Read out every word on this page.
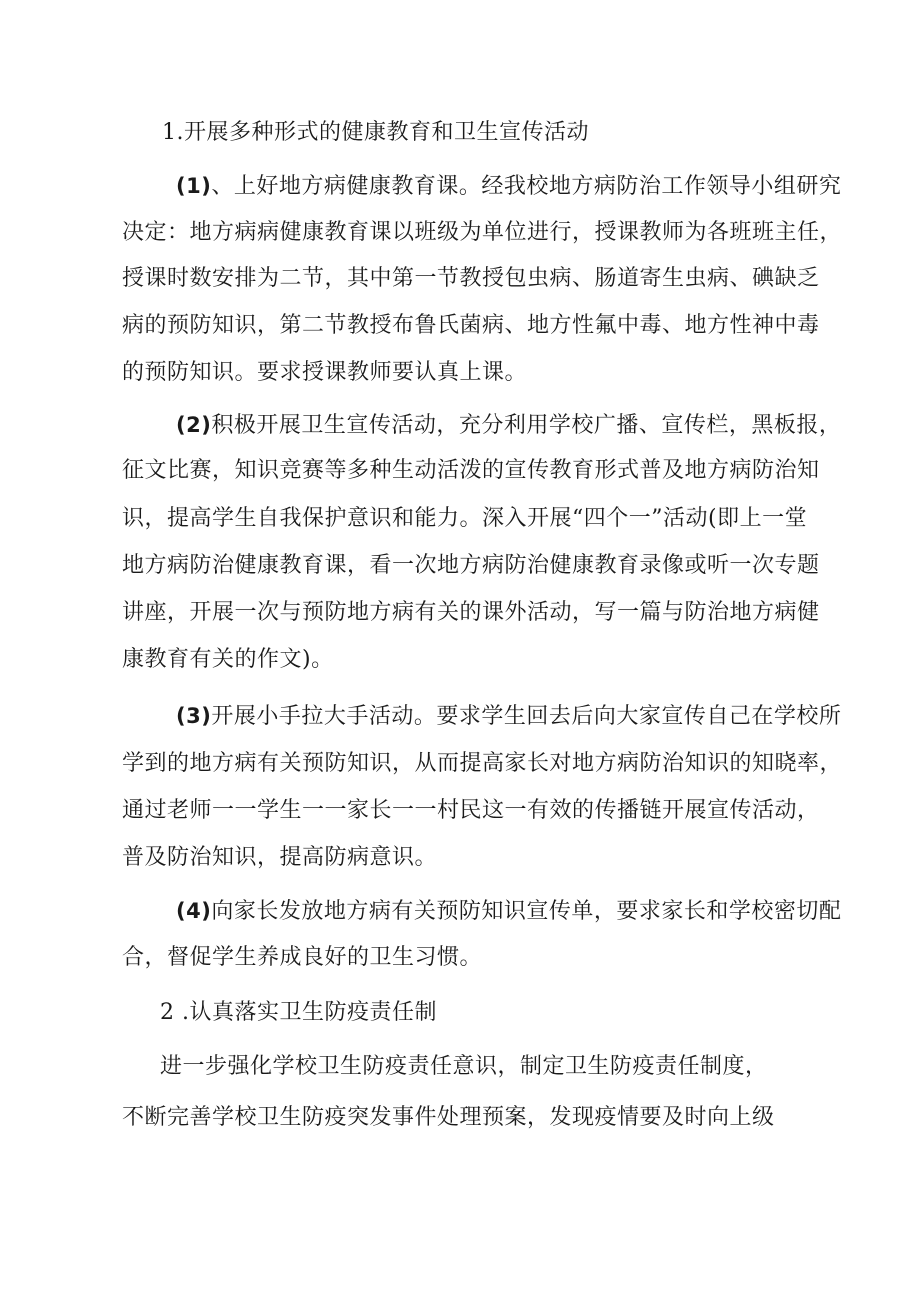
1.开展多种形式的健康教育和卫生宣传活动
(1)、上好地方病健康教育课。经我校地方病防治工作领导小组研究
决定：地方病病健康教育课以班级为单位进行，授课教师为各班班主任，
授课时数安排为二节，其中第一节教授包虫病、肠道寄生虫病、碘缺乏
病的预防知识，第二节教授布鲁氏菌病、地方性氟中毒、地方性神中毒
的预防知识。要求授课教师要认真上课。
(2)积极开展卫生宣传活动，充分利用学校广播、宣传栏，黑板报，
征文比赛，知识竞赛等多种生动活泼的宣传教育形式普及地方病防治知
识，提高学生自我保护意识和能力。深入开展“四个一”活动(即上一堂
地方病防治健康教育课，看一次地方病防治健康教育录像或听一次专题
讲座，开展一次与预防地方病有关的课外活动，写一篇与防治地方病健
康教育有关的作文)。
(3)开展小手拉大手活动。要求学生回去后向大家宣传自己在学校所
学到的地方病有关预防知识，从而提高家长对地方病防治知识的知晓率，
通过老师一一学生一一家长一一村民这一有效的传播链开展宣传活动，
普及防治知识，提高防病意识。
(4)向家长发放地方病有关预防知识宣传单，要求家长和学校密切配
合，督促学生养成良好的卫生习惯。
2 .认真落实卫生防疫责任制
进一步强化学校卫生防疫责任意识，制定卫生防疫责任制度，
不断完善学校卫生防疫突发事件处理预案，发现疫情要及时向上级
